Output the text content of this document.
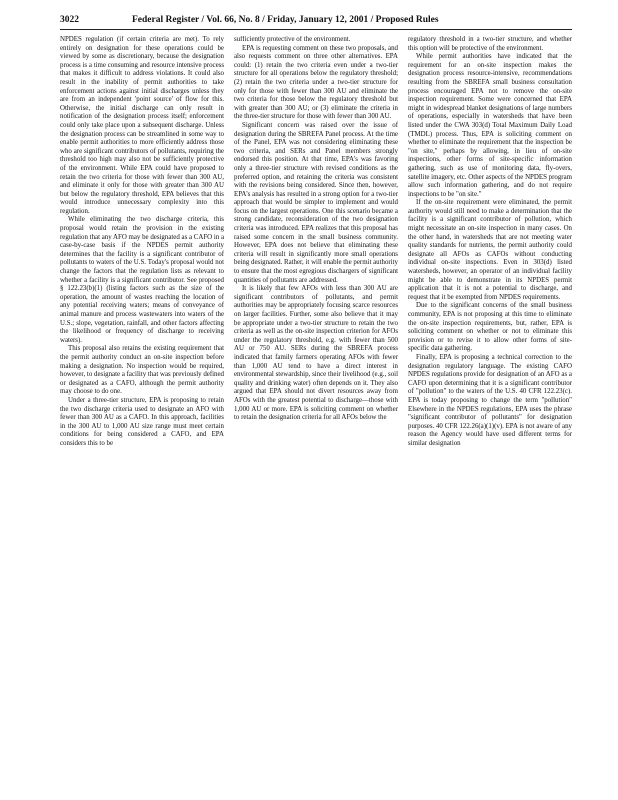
3022	Federal Register / Vol. 66, No. 8 / Friday, January 12, 2001 / Proposed Rules

NPDES regulation (if certain criteria are met). To rely entirely on designation for these operations could be viewed by some as discretionary, because the designation process is a time consuming and resource intensive process that makes it difficult to address violations. It could also result in the inability of permit authorities to take enforcement actions against initial discharges unless they are from an independent 'point source' of flow for this. Otherwise, the initial discharge can only result in notification of the designation process itself; enforcement could only take place upon a subsequent discharge. Unless the designation process can be streamlined in some way to enable permit authorities to more efficiently address those who are significant contributors of pollutants, requiring the threshold too high may also not be sufficiently protective of the environment. While EPA could have proposed to retain the two criteria for those with fewer than 300 AU, and eliminate it only for those with greater than 300 AU but below the regulatory threshold, EPA believes that this would introduce unnecessary complexity into this regulation.

While eliminating the two discharge criteria, this proposal would retain the provision in the existing regulation that any AFO may be designated as a CAFO in a case-by-case basis if the NPDES permit authority determines that the facility is a significant contributor of pollutants to waters of the U.S. Today's proposal would not change the factors that the regulation lists as relevant to whether a facility is a significant contributor. See proposed § 122.23(b)(1) (listing factors such as the size of the operation, the amount of wastes reaching the location of any potential receiving waters; means of conveyance of animal manure and process wastewaters into waters of the U.S.; slope, vegetation, rainfall, and other factors affecting the likelihood or frequency of discharge to receiving waters).

This proposal also retains the existing requirement that the permit authority conduct an on-site inspection before making a designation. No inspection would be required, however, to designate a facility that was previously defined or designated as a CAFO, although the permit authority may choose to do one.

Under a three-tier structure, EPA is proposing to retain the two discharge criteria used to designate an AFO with fewer than 300 AU as a CAFO. In this approach, facilities in the 300 AU to 1,000 AU size range must meet certain conditions for being considered a CAFO, and EPA considers this to be

sufficiently protective of the environment.

EPA is requesting comment on these two proposals, and also requests comment on three other alternatives. EPA could: (1) retain the two criteria even under a two-tier structure for all operations below the regulatory threshold; (2) retain the two criteria under a two-tier structure for only for those with fewer than 300 AU and eliminate the two criteria for those below the regulatory threshold but with greater than 300 AU; or (3) eliminate the criteria in the three-tier structure for those with fewer than 300 AU.

Significant concern was raised over the issue of designation during the SBREFA Panel process. At the time of the Panel, EPA was not considering eliminating these two criteria, and SERs and Panel members strongly endorsed this position. At that time, EPA's was favoring only a three-tier structure with revised conditions as the preferred option, and retaining the criteria was consistent with the revisions being considered. Since then, however, EPA's analysis has resulted in a strong option for a two-tier approach that would be simpler to implement and would focus on the largest operations. One this scenario became a strong candidate, reconsideration of the two designation criteria was introduced. EPA realizes that this proposal has raised some concern in the small business community. However, EPA does not believe that eliminating these criteria will result in significantly more small operations being designated. Rather, it will enable the permit authority to ensure that the most egregious dischargers of significant quantities of pollutants are addressed.

It is likely that few AFOs with less than 300 AU are significant contributors of pollutants, and permit authorities may be appropriately focusing scarce resources on larger facilities. Further, some also believe that it may be appropriate under a two-tier structure to retain the two criteria as well as the on-site inspection criterion for AFOs under the regulatory threshold, e.g. with fewer than 500 AU or 750 AU. SERs during the SBREFA process indicated that family farmers operating AFOs with fewer than 1,000 AU tend to have a direct interest in environmental stewardship, since their livelihood (e.g., soil quality and drinking water) often depends on it. They also argued that EPA should not divert resources away from AFOs with the greatest potential to discharge—those with 1,000 AU or more. EPA is soliciting comment on whether to retain the designation criteria for all AFOs below the

regulatory threshold in a two-tier structure, and whether this option will be protective of the environment.

While permit authorities have indicated that the requirement for an on-site inspection makes the designation process resource-intensive, recommendations resulting from the SBREFA small business consultation process encouraged EPA not to remove the on-site inspection requirement. Some were concerned that EPA might in widespread blanket designations of large numbers of operations, especially in watersheds that have been listed under the CWA 303(d) Total Maximum Daily Load (TMDL) process. Thus, EPA is soliciting comment on whether to eliminate the requirement that the inspection be "on site," perhaps by allowing, in lieu of on-site inspections, other forms of site-specific information gathering, such as use of monitoring data, fly-overs, satellite imagery, etc. Other aspects of the NPDES program allow such information gathering, and do not require inspections to be "on site."

If the on-site requirement were eliminated, the permit authority would still need to make a determination that the facility is a significant contributor of pollution, which might necessitate an on-site inspection in many cases. On the other hand, in watersheds that are not meeting water quality standards for nutrients, the permit authority could designate all AFOs as CAFOs without conducting individual on-site inspections. Even in 303(d) listed watersheds, however, an operator of an individual facility might be able to demonstrate in its NPDES permit application that it is not a potential to discharge, and request that it be exempted from NPDES requirements.

Due to the significant concerns of the small business community, EPA is not proposing at this time to eliminate the on-site inspection requirements, but, rather, EPA is soliciting comment on whether or not to eliminate this provision or to revise it to allow other forms of site-specific data gathering.

Finally, EPA is proposing a technical correction to the designation regulatory language. The existing CAFO NPDES regulations provide for designation of an AFO as a CAFO upon determining that it is a significant contributor of "pollution" to the waters of the U.S. 40 CFR 122.23(c). EPA is today proposing to change the term "pollution" Elsewhere in the NPDES regulations, EPA uses the phrase "significant contributor of pollutants" for designation purposes. 40 CFR 122.26(a)(1)(v). EPA is not aware of any reason the Agency would have used different terms for similar designation
